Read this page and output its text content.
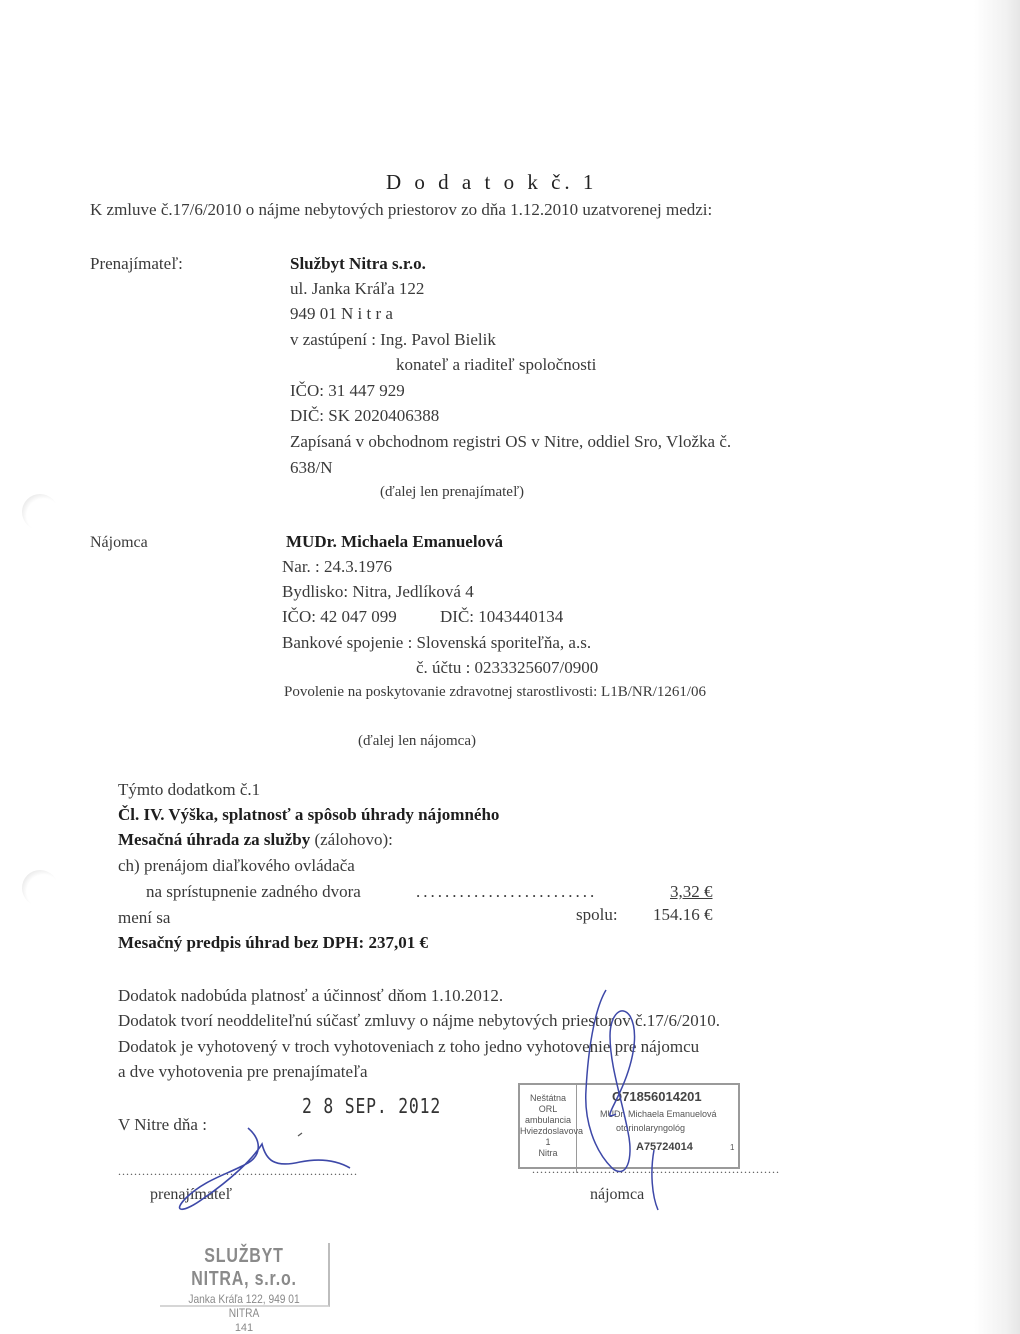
D o d a t o k č. 1
K zmluve č.17/6/2010 o nájme nebytových priestorov zo dňa 1.12.2010 uzatvorenej medzi:
Prenajímateľ:	Službyt Nitra s.r.o.
ul. Janka Kráľa 122
949 01 N i t r a
v zastúpení : Ing. Pavol Bielik
konateľ a riaditeľ spoločnosti
IČO: 31 447 929
DIČ: SK 2020406388
Zapísaná v obchodnom registri OS v Nitre, oddiel Sro, Vložka č.
638/N
(ďalej len prenajímateľ)
Nájomca	MUDr. Michaela Emanuelová
Nar. : 24.3.1976
Bydlisko: Nitra, Jedlíková 4
IČO: 42 047 099	DIČ: 1043440134
Bankové spojenie : Slovenská sporiteľňa, a.s.
č. účtu : 0233325607/0900
Povolenie na poskytovanie zdravotnej starostlivosti: L1B/NR/1261/06
(ďalej len nájomca)
Týmto dodatkom č.1
Čl. IV. Výška, splatnosť a spôsob úhrady nájomného
Mesačná úhrada za služby (zálohovo):
ch) prenájom diaľkového ovládača
na sprístupnenie zadného dvora	.........................	3,32 €
mení sa	spolu: 154.16 €
Mesačný predpis úhrad bez DPH: 237,01 €
Dodatok nadobúda platnosť a účinnosť dňom 1.10.2012.
Dodatok tvorí neoddeliteľnú súčasť zmluvy o nájme nebytových priestorov č.17/6/2010.
Dodatok je vyhotovený v troch vyhotoveniach z toho jedno vyhotovenie pre nájomcu
a dve vyhotovenia pre prenajímateľa
V Nitre dňa :
2 8 SEP. 2012
............................................................	..............................................................
prenajímateľ	nájomca
Neštátna
ORL
ambulancia
Hviezdoslavova 1
Nitra
O71856014201
MUDr. Michaela Emanuelová
otorinolaryngológ
A75724014	1
SLUŽBYT NITRA, s.r.o.
Janka Kráľa 122, 949 01 NITRA
141
